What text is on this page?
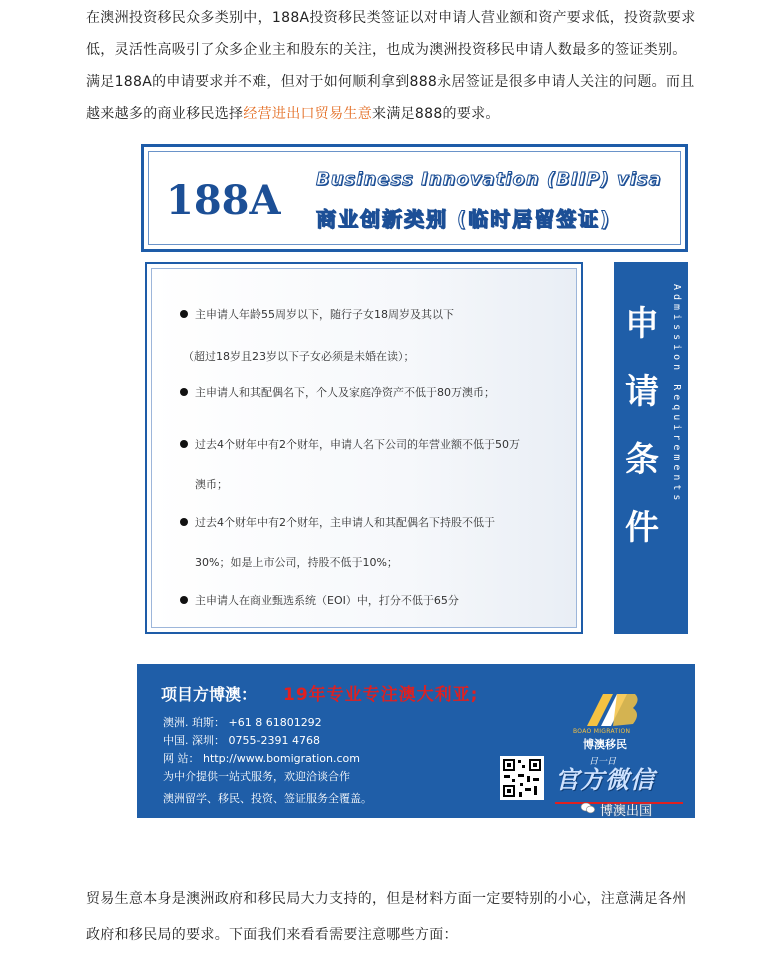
在澳洲投资移民众多类别中，188A投资移民类签证以对申请人营业额和资产要求低，投资款要求
低，灵活性高吸引了众多企业主和股东的关注，也成为澳洲投资移民申请人数最多的签证类别。
满足188A的申请要求并不难，但对于如何顺利拿到888永居签证是很多申请人关注的问题。而且
越来越多的商业移民选择经营进出口贸易生意来满足888的要求。
188A Business Innovation (BIIP) visa
商业创新类别 (临时居留签证)
主申请人年龄55周岁以下，随行子女18周岁及其以下
（超过18岁且23岁以下子女必须是未婚在读）；
主申请人和其配偶名下，个人及家庭净资产不低于80万澳币；
过去4个财年中有2个财年，申请人名下公司的年营业额不低于50万
澳币；
过去4个财年中有2个财年，主申请人和其配偶名下持股不低于
30%；如是上市公司，持股不低于10%；
主申请人在商业甄选系统（EOI）中，打分不低于65分
申
请
条
件
Admission Requirements
项目方博澳： 19年专业专注澳大利亚;
澳洲. 珀斯： +61 8 61801292
中国. 深圳： 0755-2391 4768
网 站： http://www.bomigration.com
为中介提供一站式服务，欢迎洽谈合作
澳洲留学、移民、投资、签证服务全覆盖。
BOAO MIGRATION
博澳移民
日一日
官方微信
博澳出国
贸易生意本身是澳洲政府和移民局大力支持的，但是材料方面一定要特别的小心，注意满足各州
政府和移民局的要求。下面我们来看看需要注意哪些方面：
